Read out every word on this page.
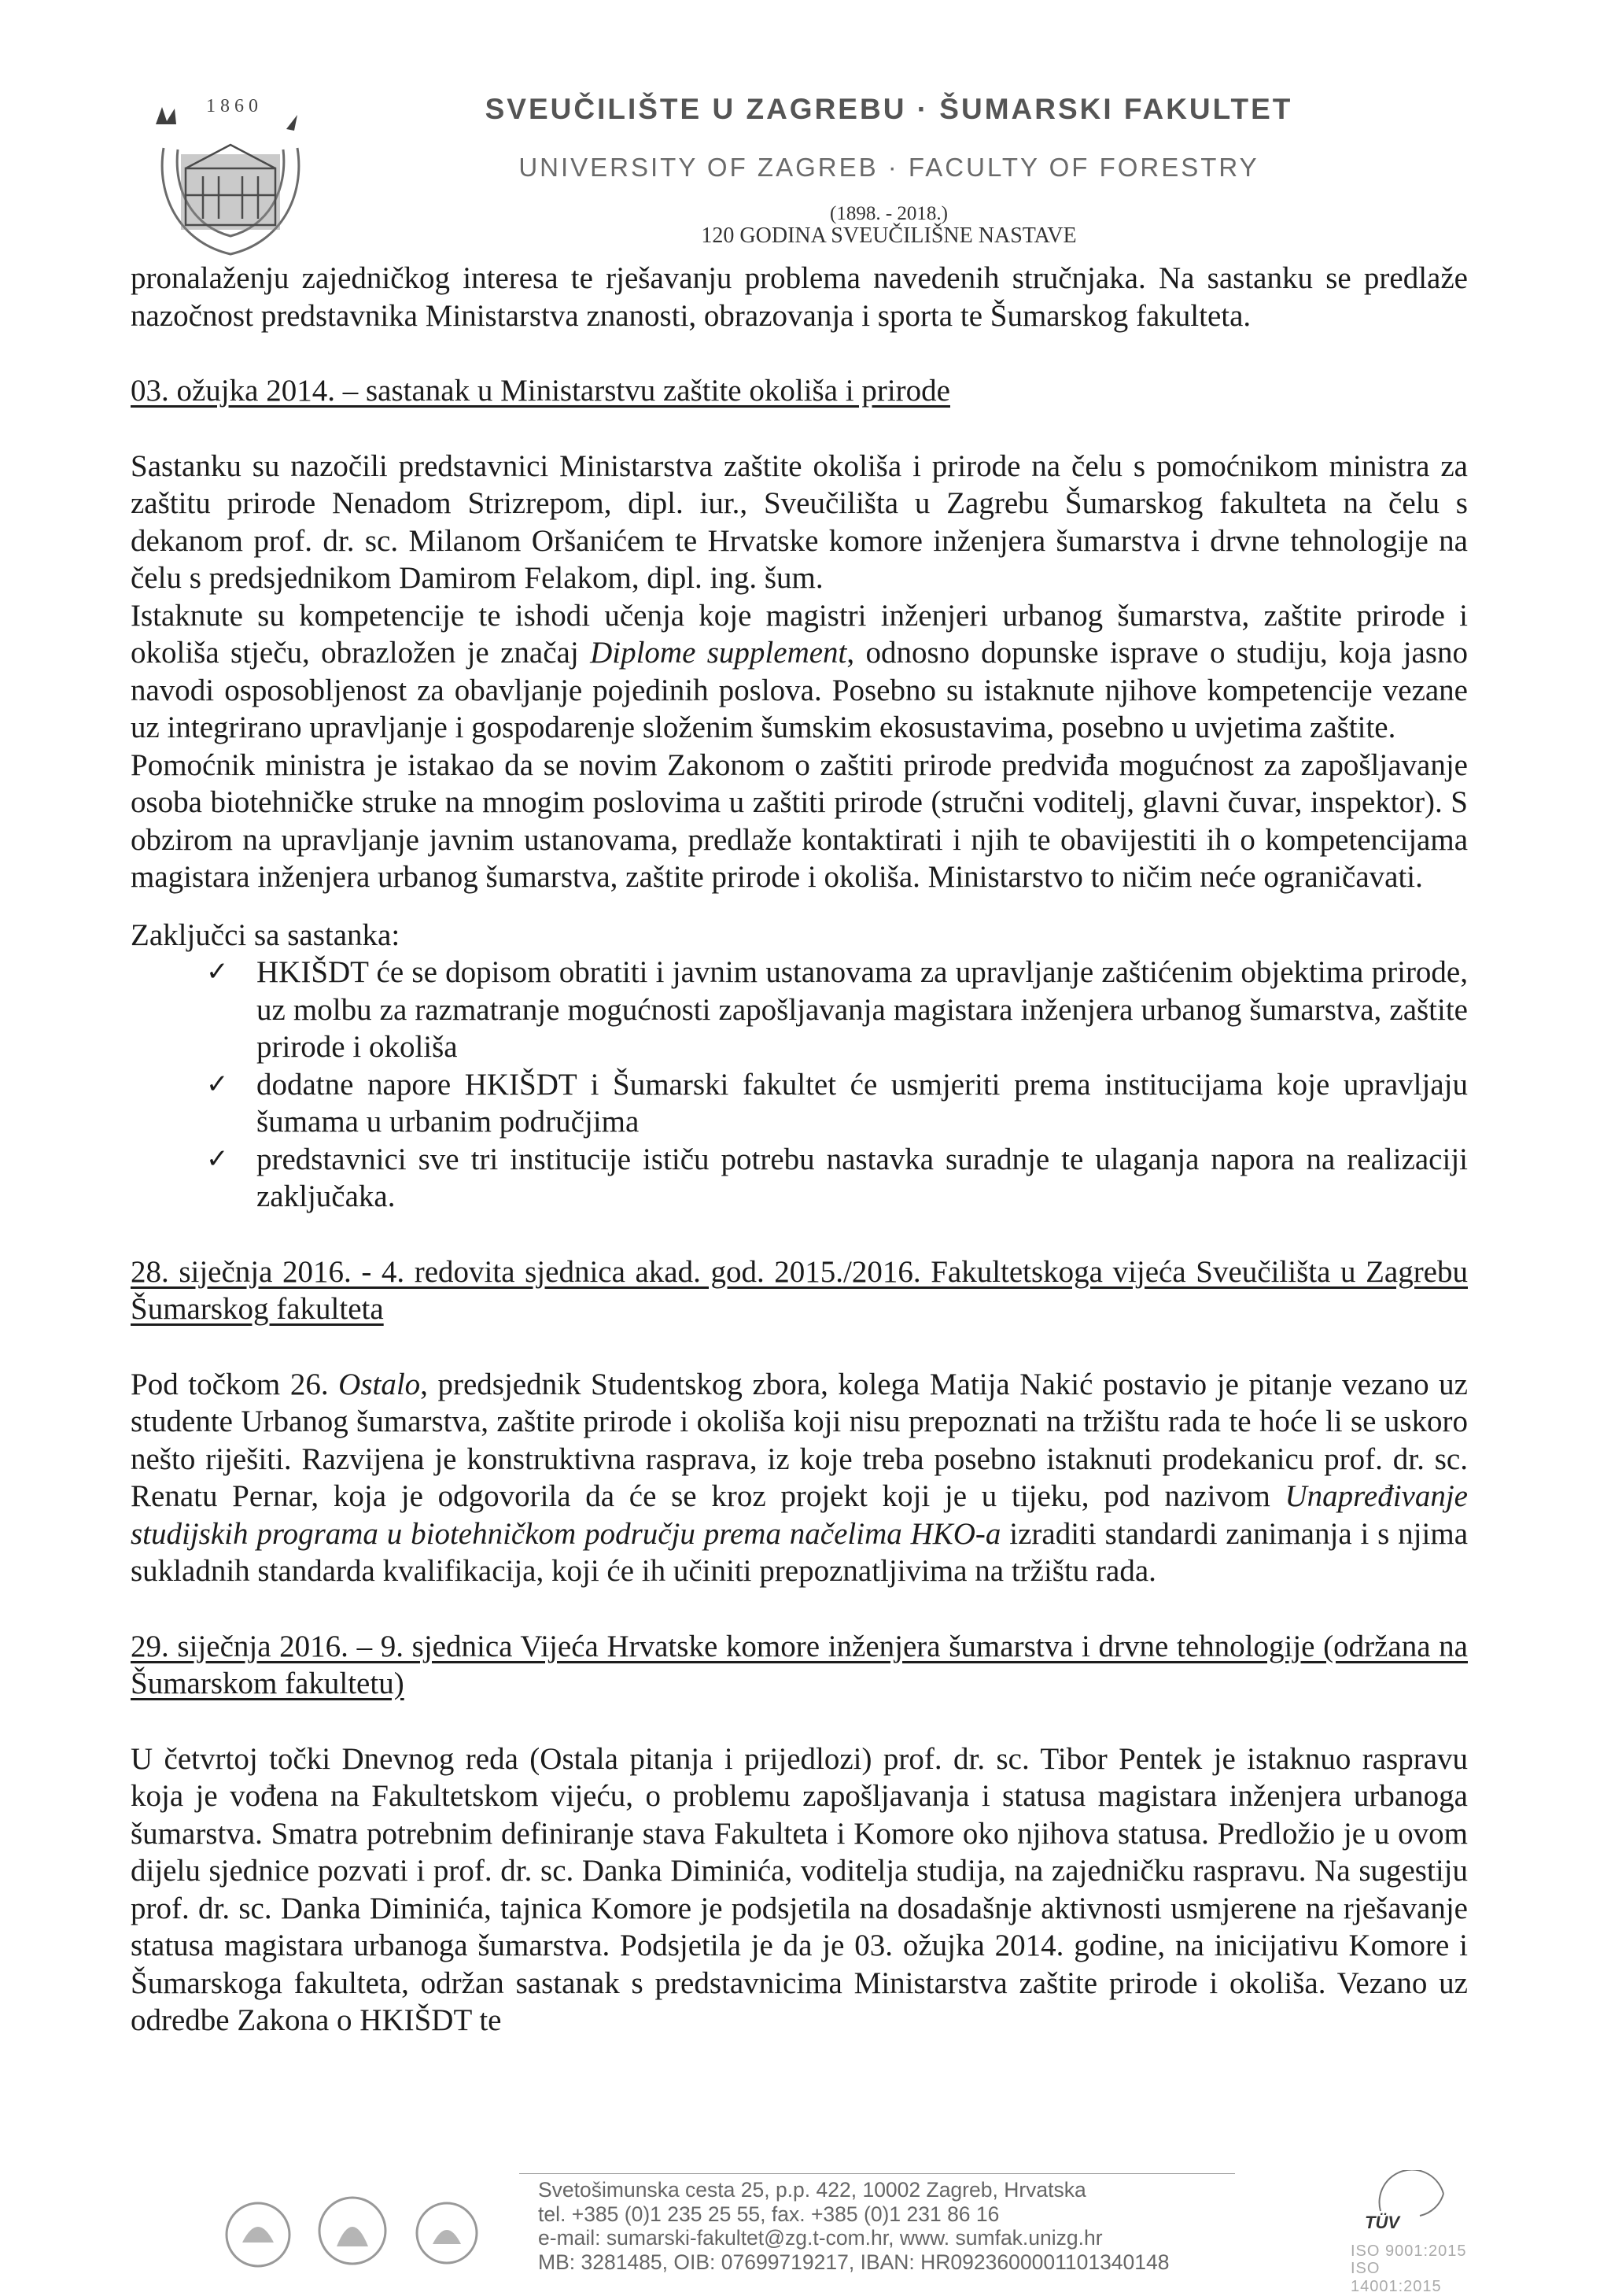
1860	SVEUČILIŠTE U ZAGREBU · ŠUMARSKI FAKULTET
UNIVERSITY OF ZAGREB · FACULTY OF FORESTRY
(1898. - 2018.)
120 GODINA SVEUČILIŠNE NASTAVE

pronalaženju zajedničkog interesa te rješavanju problema navedenih stručnjaka. Na sastanku se predlaže nazočnost predstavnika Ministarstva znanosti, obrazovanja i sporta te Šumarskog fakulteta.

03. ožujka 2014. – sastanak u Ministarstvu zaštite okoliša i prirode

Sastanku su nazočili predstavnici Ministarstva zaštite okoliša i prirode na čelu s pomoćnikom ministra za zaštitu prirode Nenadom Strizrepom, dipl. iur., Sveučilišta u Zagrebu Šumarskog fakulteta na čelu s dekanom prof. dr. sc. Milanom Oršanićem te Hrvatske komore inženjera šumarstva i drvne tehnologije na čelu s predsjednikom Damirom Felakom, dipl. ing. šum.

Istaknute su kompetencije te ishodi učenja koje magistri inženjeri urbanog šumarstva, zaštite prirode i okoliša stječu, obrazložen je značaj Diplome supplement, odnosno dopunske isprave o studiju, koja jasno navodi osposobljenost za obavljanje pojedinih poslova. Posebno su istaknute njihove kompetencije vezane uz integrirano upravljanje i gospodarenje složenim šumskim ekosustavima, posebno u uvjetima zaštite.

Pomoćnik ministra je istakao da se novim Zakonom o zaštiti prirode predviđa mogućnost za zapošljavanje osoba biotehničke struke na mnogim poslovima u zaštiti prirode (stručni voditelj, glavni čuvar, inspektor). S obzirom na upravljanje javnim ustanovama, predlaže kontaktirati i njih te obavijestiti ih o kompetencijama magistara inženjera urbanog šumarstva, zaštite prirode i okoliša. Ministarstvo to ničim neće ograničavati.

Zaključci sa sastanka:

✓ HKIŠDT će se dopisom obratiti i javnim ustanovama za upravljanje zaštićenim objektima prirode, uz molbu za razmatranje mogućnosti zapošljavanja magistara inženjera urbanog šumarstva, zaštite prirode i okoliša
✓ dodatne napore HKIŠDT i Šumarski fakultet će usmjeriti prema institucijama koje upravljaju šumama u urbanim područjima
✓ predstavnici sve tri institucije ističu potrebu nastavka suradnje te ulaganja napora na realizaciji zaključaka.

28. siječnja 2016. - 4. redovita sjednica akad. god. 2015./2016. Fakultetskoga vijeća Sveučilišta u Zagrebu Šumarskog fakulteta

Pod točkom 26. Ostalo, predsjednik Studentskog zbora, kolega Matija Nakić postavio je pitanje vezano uz studente Urbanog šumarstva, zaštite prirode i okoliša koji nisu prepoznati na tržištu rada te hoće li se uskoro nešto riješiti. Razvijena je konstruktivna rasprava, iz koje treba posebno istaknuti prodekanicu prof. dr. sc. Renatu Pernar, koja je odgovorila da će se kroz projekt koji je u tijeku, pod nazivom Unapređivanje studijskih programa u biotehničkom području prema načelima HKO-a izraditi standardi zanimanja i s njima sukladnih standarda kvalifikacija, koji će ih učiniti prepoznatljivima na tržištu rada.

29. siječnja 2016. – 9. sjednica Vijeća Hrvatske komore inženjera šumarstva i drvne tehnologije (održana na Šumarskom fakultetu)

U četvrtoj točki Dnevnog reda (Ostala pitanja i prijedlozi) prof. dr. sc. Tibor Pentek je istaknuo raspravu koja je vođena na Fakultetskom vijeću, o problemu zapošljavanja i statusa magistara inženjera urbanoga šumarstva. Smatra potrebnim definiranje stava Fakulteta i Komore oko njihova statusa. Predložio je u ovom dijelu sjednice pozvati i prof. dr. sc. Danka Diminića, voditelja studija, na zajedničku raspravu. Na sugestiju prof. dr. sc. Danka Diminića, tajnica Komore je podsjetila na dosadašnje aktivnosti usmjerene na rješavanje statusa magistara urbanoga šumarstva. Podsjetila je da je 03. ožujka 2014. godine, na inicijativu Komore i Šumarskoga fakulteta, održan sastanak s predstavnicima Ministarstva zaštite prirode i okoliša. Vezano uz odredbe Zakona o HKIŠDT te

Svetošimunska cesta 25, p.p. 422, 10002 Zagreb, Hrvatska
tel. +385 (0)1 235 25 55, fax. +385 (0)1 231 86 16
e-mail: sumarski-fakultet@zg.t-com.hr, www. sumfak.unizg.hr
MB: 3281485, OIB: 07699719217, IBAN: HR0923600001101340148
TÜV
ISO 9001:2015
ISO 14001:2015
